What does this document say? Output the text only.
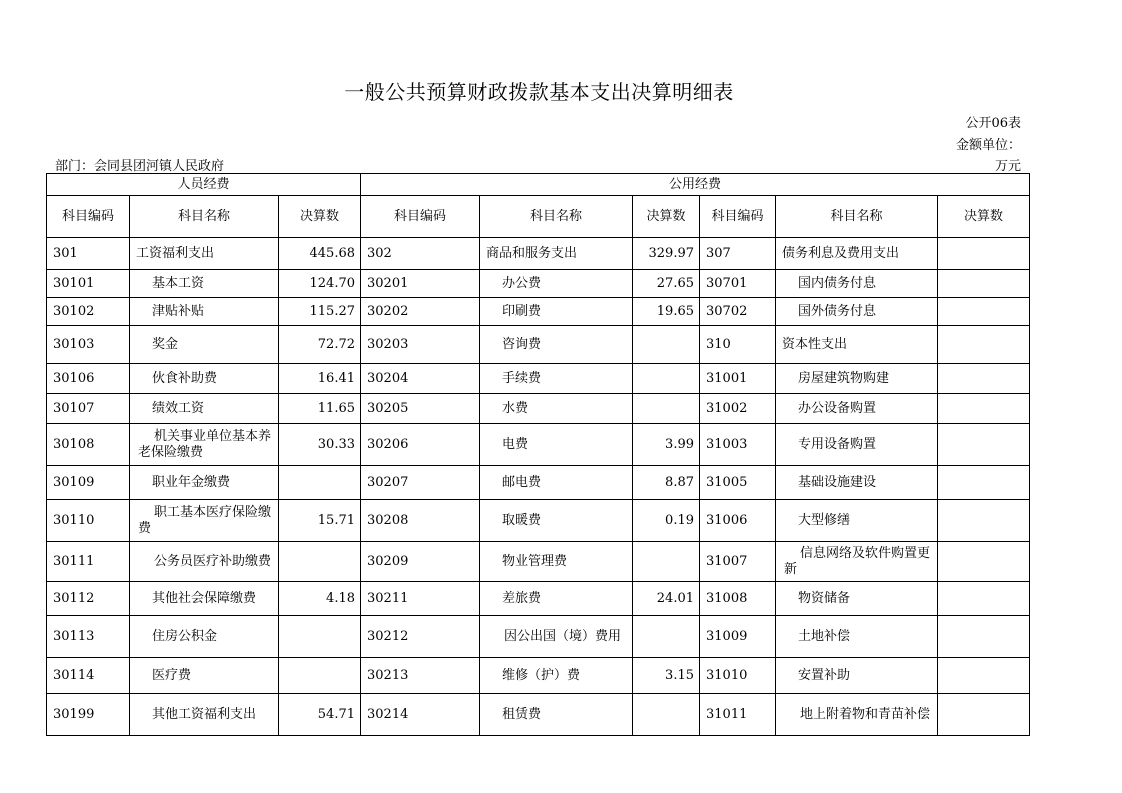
一般公共预算财政拨款基本支出决算明细表
公开06表
金额单位：
万元
部门：会同县团河镇人民政府
人员经费			公用经费					
科目编码	科目名称	决算数	科目编码	科目名称	决算数	科目编码	科目名称	决算数
301	工资福利支出	445.68	302	商品和服务支出	329.97	307	债务利息及费用支出	
30101	基本工资	124.70	30201	办公费	27.65	30701	国内债务付息	
30102	津贴补贴	115.27	30202	印刷费	19.65	30702	国外债务付息	
30103	奖金	72.72	30203	咨询费		310	资本性支出	
30106	伙食补助费	16.41	30204	手续费		31001	房屋建筑物购建	
30107	绩效工资	11.65	30205	水费		31002	办公设备购置	
30108	机关事业单位基本养老保险缴费	30.33	30206	电费	3.99	31003	专用设备购置	
30109	职业年金缴费		30207	邮电费	8.87	31005	基础设施建设	
30110	职工基本医疗保险缴费	15.71	30208	取暖费	0.19	31006	大型修缮	
30111	公务员医疗补助缴费		30209	物业管理费		31007	信息网络及软件购置更新	
30112	其他社会保障缴费	4.18	30211	差旅费	24.01	31008	物资储备	
30113	住房公积金		30212	因公出国（境）费用		31009	土地补偿	
30114	医疗费		30213	维修（护）费	3.15	31010	安置补助	
30199	其他工资福利支出	54.71	30214	租赁费		31011	地上附着物和青苗补偿	
